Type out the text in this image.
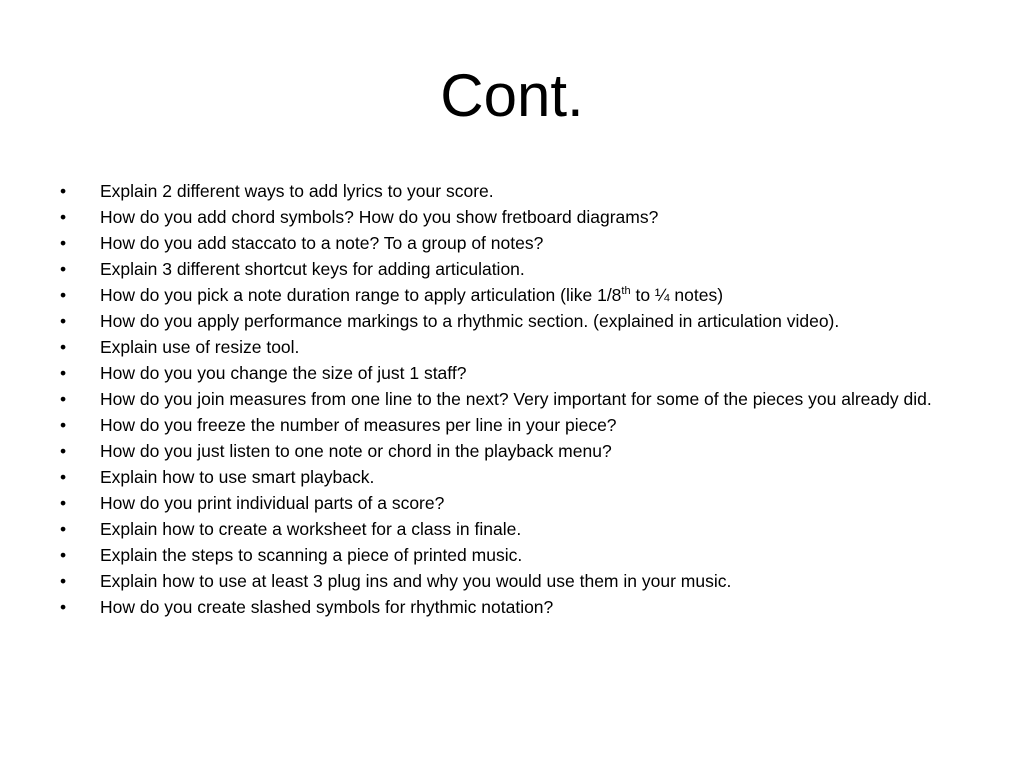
Cont.
•	Explain 2 different ways to add lyrics to your score.
•	How do you add chord symbols? How do you show fretboard diagrams?
•	How do you add staccato to a note? To a group of notes?
•	Explain 3 different shortcut keys for adding articulation.
•	How do you pick a note duration range to apply articulation (like 1/8th to ¼ notes)
•	How do you apply performance markings to a rhythmic section. (explained in articulation video).
•	Explain use of resize tool.
•	How do you you change the size of just 1 staff?
•	How do you join measures from one line to the next? Very important for some of the pieces you already did.
•	How do you freeze the number of measures per line in your piece?
•	How do you just listen to one note or chord in the playback menu?
•	Explain how to use smart playback.
•	How do you print individual parts of a score?
•	Explain how to create a worksheet for a class in finale.
•	Explain the steps to scanning a piece of printed music.
•	Explain how to use at least 3 plug ins and why you would use them in your music.
•	How do you create slashed symbols for rhythmic notation?
